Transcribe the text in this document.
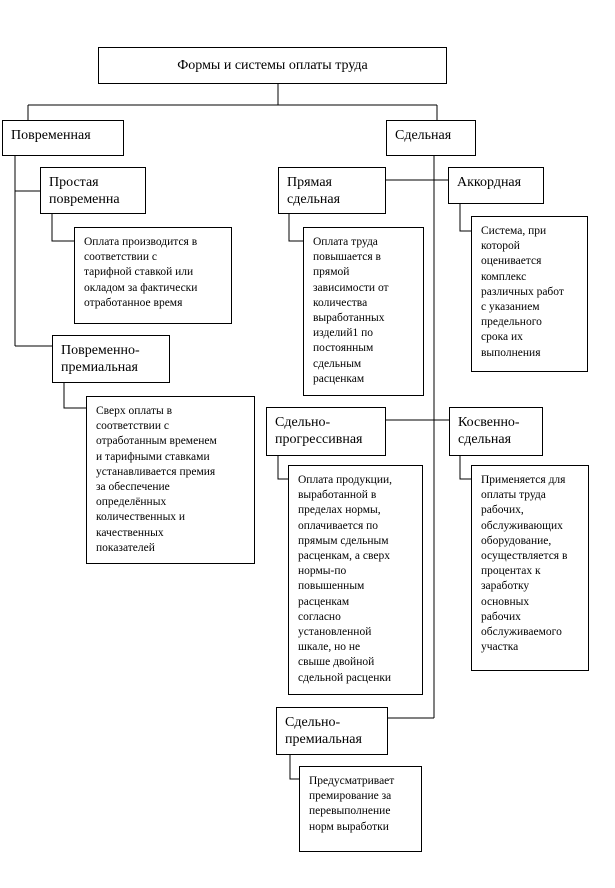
Формы и системы оплаты труда
Повременная	Сдельная
Простая
повременна
Оплата производится в
соответствии с
тарифной ставкой или
окладом за фактически
отработанное время
Повременно-
премиальная
Сверх оплаты в
соответствии с
отработанным временем
и тарифными ставками
устанавливается премия
за обеспечение
определённых
количественных и
качественных
показателей
Прямая
сдельная
Оплата труда
повышается в
прямой
зависимости от
количества
выработанных
изделий1 по
постоянным
сдельным
расценкам
Аккордная
Система, при
которой
оценивается
комплекс
различных работ
с указанием
предельного
срока их
выполнения
Сдельно-
прогрессивная
Оплата продукции,
выработанной в
пределах нормы,
оплачивается по
прямым сдельным
расценкам, а сверх
нормы-по
повышенным
расценкам
согласно
установленной
шкале, но не
свыше двойной
сдельной расценки
Косвенно-
сдельная
Применяется для
оплаты труда
рабочих,
обслуживающих
оборудование,
осуществляется в
процентах к
заработку
основных
рабочих
обслуживаемого
участка
Сдельно-
премиальная
Предусматривает
премирование за
перевыполнение
норм выработки
